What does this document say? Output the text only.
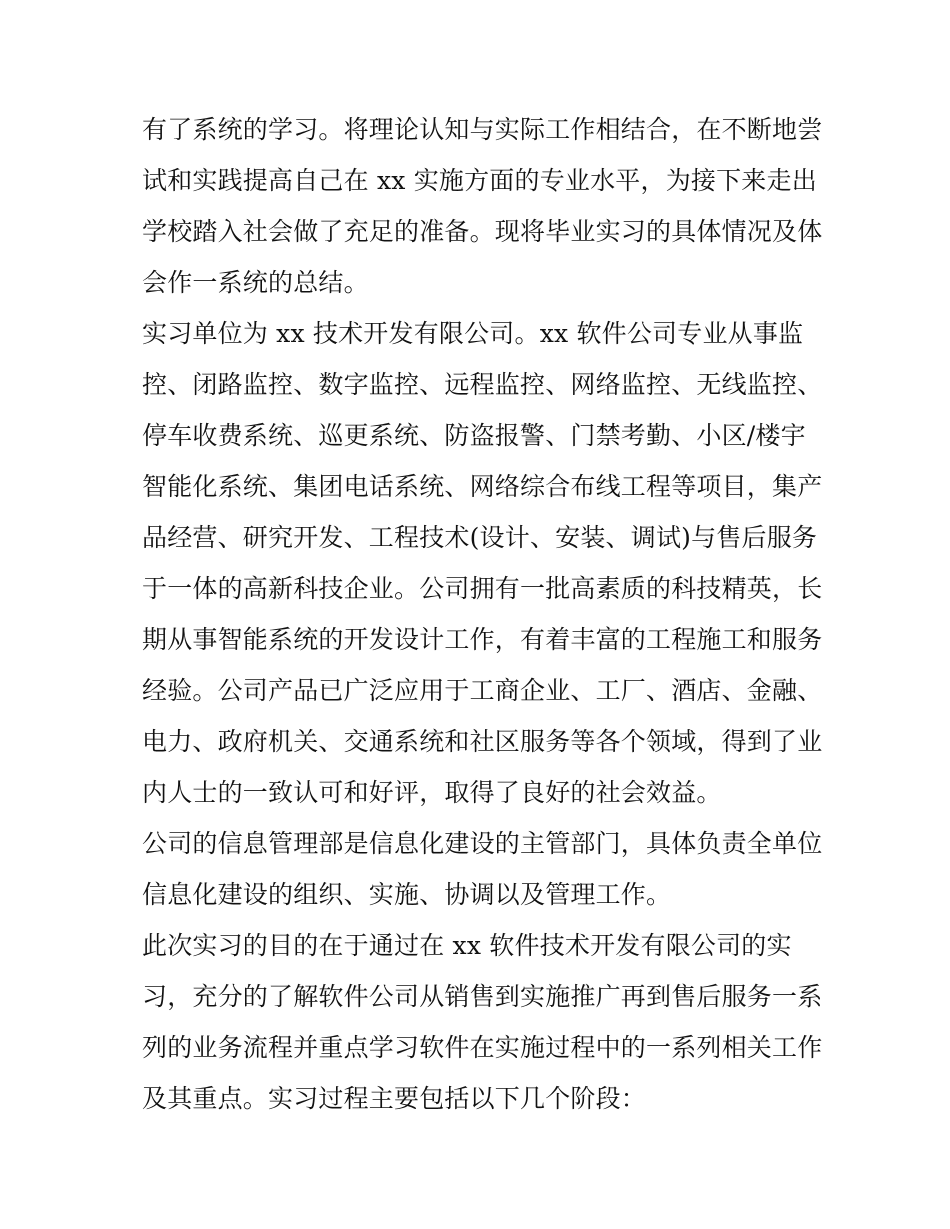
有了系统的学习。将理论认知与实际工作相结合，在不断地尝
试和实践提高自己在 xx 实施方面的专业水平，为接下来走出
学校踏入社会做了充足的准备。现将毕业实习的具体情况及体
会作一系统的总结。
实习单位为 xx 技术开发有限公司。xx 软件公司专业从事监
控、闭路监控、数字监控、远程监控、网络监控、无线监控、
停车收费系统、巡更系统、防盗报警、门禁考勤、小区/楼宇
智能化系统、集团电话系统、网络综合布线工程等项目，集产
品经营、研究开发、工程技术(设计、安装、调试)与售后服务
于一体的高新科技企业。公司拥有一批高素质的科技精英，长
期从事智能系统的开发设计工作，有着丰富的工程施工和服务
经验。公司产品已广泛应用于工商企业、工厂、酒店、金融、
电力、政府机关、交通系统和社区服务等各个领域，得到了业
内人士的一致认可和好评，取得了良好的社会效益。
公司的信息管理部是信息化建设的主管部门，具体负责全单位
信息化建设的组织、实施、协调以及管理工作。
此次实习的目的在于通过在 xx 软件技术开发有限公司的实
习，充分的了解软件公司从销售到实施推广再到售后服务一系
列的业务流程并重点学习软件在实施过程中的一系列相关工作
及其重点。实习过程主要包括以下几个阶段：
